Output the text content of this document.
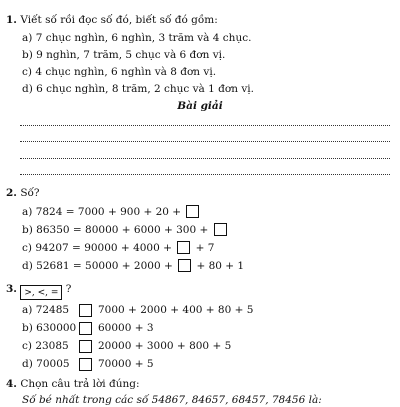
1. Viết số rồi đọc số đó, biết số đó gồm:
a) 7 chục nghìn, 6 nghìn, 3 trăm và 4 chục.
b) 9 nghìn, 7 trăm, 5 chục và 6 đơn vị.
c) 4 chục nghìn, 6 nghìn và 8 đơn vị.
d) 6 chục nghìn, 8 trăm, 2 chục và 1 đơn vị.
Bài giải
2. Số?
a) 7824 = 7000 + 900 + 20 +
b) 86350 = 80000 + 6000 + 300 +
c) 94207 = 90000 + 4000 + + 7
d) 52681 = 50000 + 2000 + + 80 + 1
3. >, <, = ?
a) 72485	7000 + 2000 + 400 + 80 + 5
b) 630000 60000 + 3
c) 23085	20000 + 3000 + 800 + 5
d) 70005	70000 + 5
4. Chọn câu trả lời đúng:
Số bé nhất trong các số 54867, 84657, 68457, 78456 là:
